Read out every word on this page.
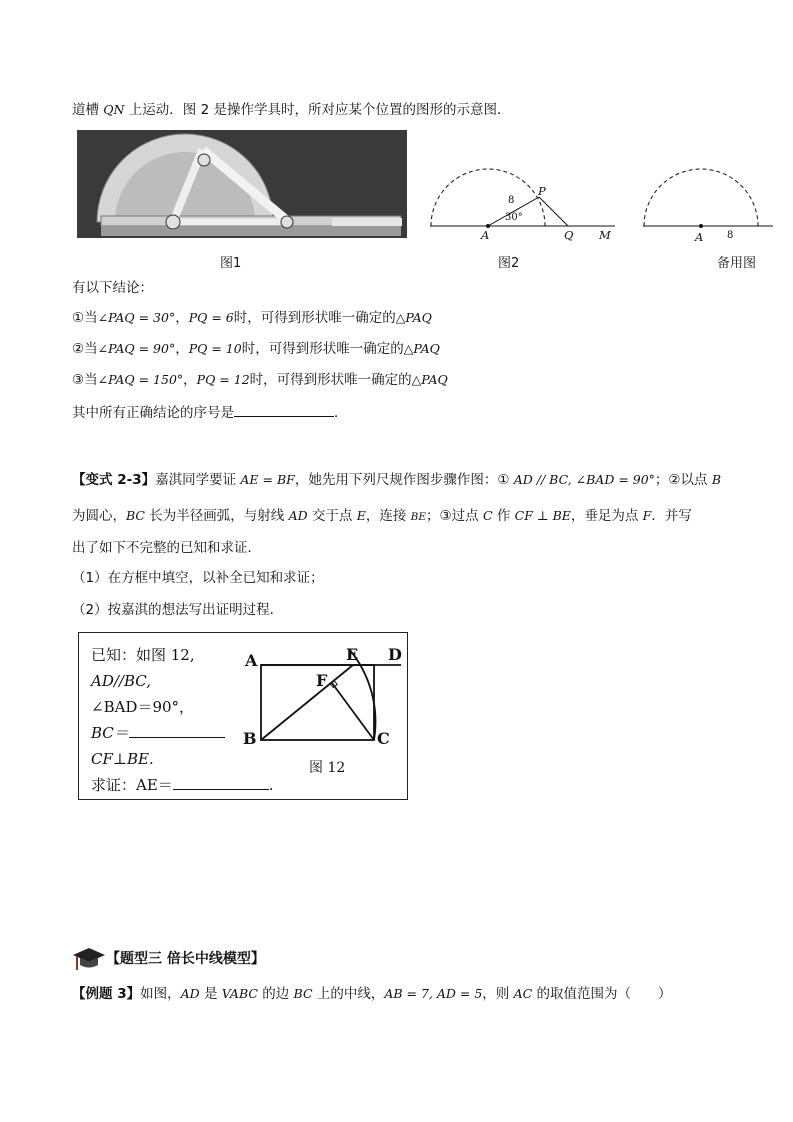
道槽 QN 上运动．图 2 是操作学具时，所对应某个位置的图形的示意图．
图1
A	Q M
P
8
30°
图2
A 8
备用图
有以下结论：
①当∠PAQ = 30°，PQ = 6时，可得到形状唯一确定的△PAQ
②当∠PAQ = 90°，PQ = 10时，可得到形状唯一确定的△PAQ
③当∠PAQ = 150°，PQ = 12时，可得到形状唯一确定的△PAQ
其中所有正确结论的序号是	．
【变式 2-3】嘉淇同学要证 AE = BF，她先用下列尺规作图步骤作图：① AD // BC, ∠BAD = 90°；②以点 B
为圆心，BC 长为半径画弧，与射线 AD 交于点 E，连接 BE；③过点 C 作 CF ⊥ BE，垂足为点 F．并写
出了如下不完整的已知和求证．
（1）在方框中填空，以补全已知和求证；
（2）按嘉淇的想法写出证明过程．
已知：如图 12,
AD//BC,
∠BAD＝90°，
BC＝
CF⊥BE.
求证：AE＝	.
A
B	C
D
E
F
图 12
【题型三 倍长中线模型】
【例题 3】如图，AD 是 VABC 的边 BC 上的中线，AB = 7, AD = 5，则 AC 的取值范围为（　　）
